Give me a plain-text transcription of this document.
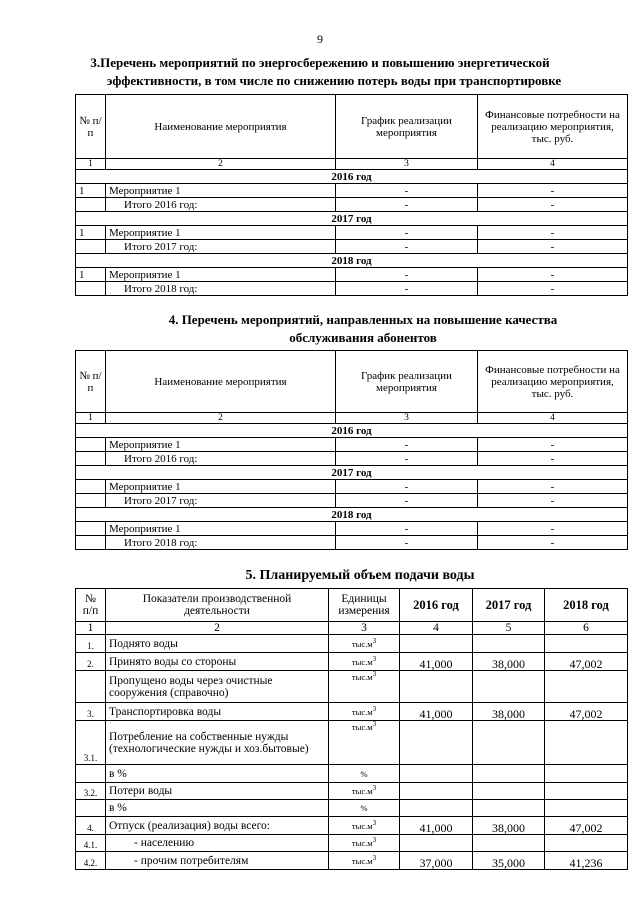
9
3.Перечень мероприятий по энергосбережению и повышению энергетической
эффективности, в том числе по снижению потерь воды при транспортировке
№ п/п	Наименование мероприятия	График реализации мероприятия	Финансовые потребности на реализацию мероприятия, тыс. руб.
1	2	3	4
2016 год			
1	Мероприятие 1	-	-
	Итого 2016 год:	-	-
2017 год			
1	Мероприятие 1	-	-
	Итого 2017 год:	-	-
2018 год			
1	Мероприятие 1	-	-
	Итого 2018 год:	-	-
4. Перечень мероприятий, направленных на повышение качества
обслуживания абонентов
№ п/п	Наименование мероприятия	График реализации мероприятия	Финансовые потребности на реализацию мероприятия, тыс. руб.
1	2	3	4
2016 год			
	Мероприятие 1	-	-
	Итого 2016 год:	-	-
2017 год			
	Мероприятие 1	-	-
	Итого 2017 год:	-	-
2018 год			
	Мероприятие 1	-	-
	Итого 2018 год:	-	-
5. Планируемый объем подачи воды
№ п/п	Показатели производственной деятельности	Единицы измерения	2016 год	2017 год	2018 год
1	2	3	4	5	6
1.	Поднято воды	$тыс.м^3$			
2.	Принято воды со стороны	$тыс.м^3$	41,000	38,000	47,002
	Пропущено воды через очистные сооружения (справочно)	$тыс.м^3$			
3.	Транспортировка воды	$тыс.м^3$	41,000	38,000	47,002
3.1.	Потребление на собственные нужды (технологические нужды и хоз.бытовые)	$тыс.м^3$			
	в %	%			
3.2.	Потери воды	$тыс.м^3$			
	в %	%			
4.	Отпуск (реализация) воды всего:	$тыс.м^3$	41,000	38,000	47,002
4.1.	- населению	$тыс.м^3$			
4.2.	- прочим потребителям	$тыс.м^3$	37,000	35,000	41,236
